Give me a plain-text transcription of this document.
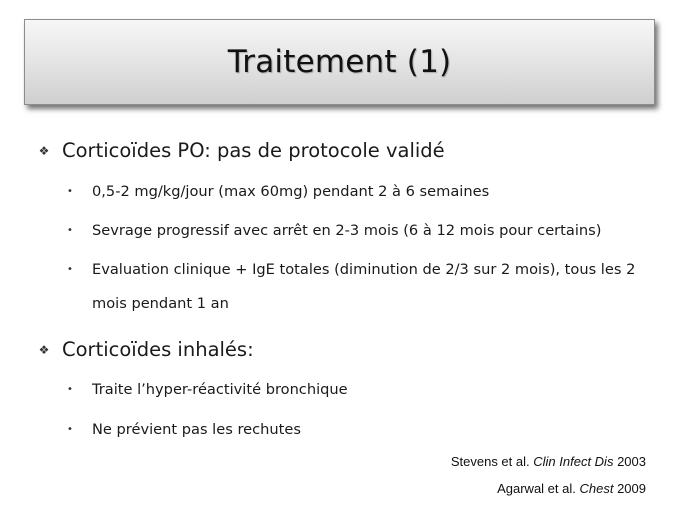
Traitement (1)
❖ Corticoïdes PO: pas de protocole validé
• 0,5-2 mg/kg/jour (max 60mg) pendant 2 à 6 semaines
• Sevrage progressif avec arrêt en 2-3 mois (6 à 12 mois pour certains)
• Evaluation clinique + IgE totales (diminution de 2/3 sur 2 mois), tous les 2 mois pendant 1 an
❖ Corticoïdes inhalés:
• Traite l’hyper-réactivité bronchique
• Ne prévient pas les rechutes
Stevens et al. Clin Infect Dis 2003
Agarwal et al. Chest 2009
